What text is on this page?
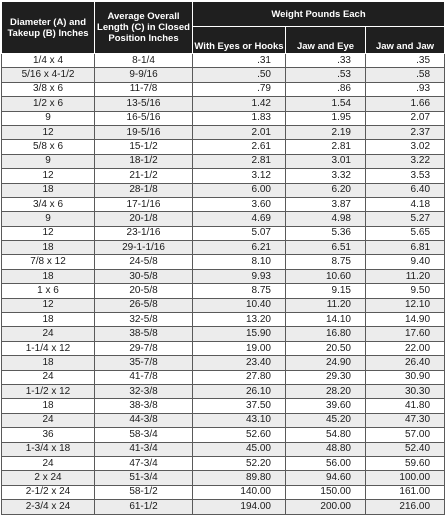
Diameter (A) and Takeup (B) Inches	Average Overall Length (C) in Closed Position Inches	Weight Pounds Each		
		With Eyes or Hooks	Jaw and Eye	Jaw and Jaw
1/4 x 4	8-1/4	.31	.33	.35
5/16 x 4-1/2	9-9/16	.50	.53	.58
3/8 x 6	11-7/8	.79	.86	.93
1/2 x 6	13-5/16	1.42	1.54	1.66
9	16-5/16	1.83	1.95	2.07
12	19-5/16	2.01	2.19	2.37
5/8 x 6	15-1/2	2.61	2.81	3.02
9	18-1/2	2.81	3.01	3.22
12	21-1/2	3.12	3.32	3.53
18	28-1/8	6.00	6.20	6.40
3/4 x 6	17-1/16	3.60	3.87	4.18
9	20-1/8	4.69	4.98	5.27
12	23-1/16	5.07	5.36	5.65
18	29-1-1/16	6.21	6.51	6.81
7/8 x 12	24-5/8	8.10	8.75	9.40
18	30-5/8	9.93	10.60	11.20
1 x 6	20-5/8	8.75	9.15	9.50
12	26-5/8	10.40	11.20	12.10
18	32-5/8	13.20	14.10	14.90
24	38-5/8	15.90	16.80	17.60
1-1/4 x 12	29-7/8	19.00	20.50	22.00
18	35-7/8	23.40	24.90	26.40
24	41-7/8	27.80	29.30	30.90
1-1/2 x 12	32-3/8	26.10	28.20	30.30
18	38-3/8	37.50	39.60	41.80
24	44-3/8	43.10	45.20	47.30
36	58-3/4	52.60	54.80	57.00
1-3/4 x 18	41-3/4	45.00	48.80	52.40
24	47-3/4	52.20	56.00	59.60
2 x 24	51-3/4	89.80	94.60	100.00
2-1/2 x 24	58-1/2	140.00	150.00	161.00
2-3/4 x 24	61-1/2	194.00	200.00	216.00
